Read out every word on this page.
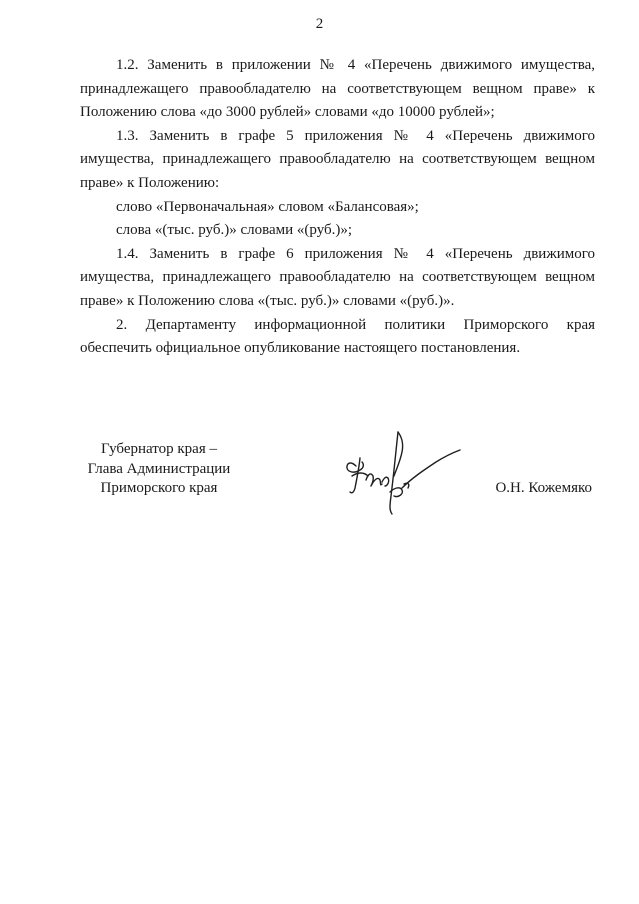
2

1.2. Заменить в приложении № 4 «Перечень движимого имущества, принадлежащего правообладателю на соответствующем вещном праве» к Положению слова «до 3000 рублей» словами «до 10000 рублей»;

1.3. Заменить в графе 5 приложения № 4 «Перечень движимого имущества, принадлежащего правообладателю на соответствующем вещном праве» к Положению:

слово «Первоначальная» словом «Балансовая»;

слова «(тыс. руб.)» словами «(руб.)»;

1.4. Заменить в графе 6 приложения № 4 «Перечень движимого имущества, принадлежащего правообладателю на соответствующем вещном праве» к Положению слова «(тыс. руб.)» словами «(руб.)».

2. Департаменту информационной политики Приморского края обеспечить официальное опубликование настоящего постановления.

Губернатор края –
Глава Администрации
Приморского края	О.Н. Кожемяко
